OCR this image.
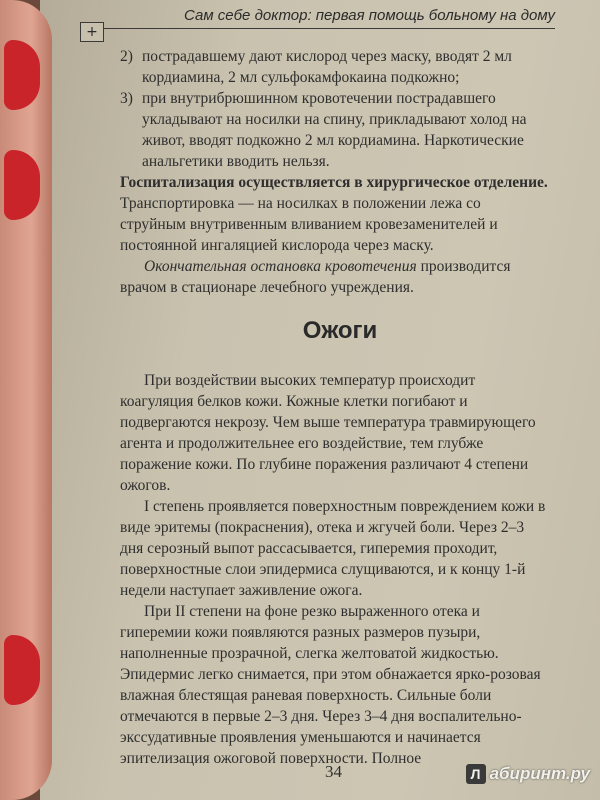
Сам себе доктор: первая помощь больному на дому
+
2) пострадавшему дают кислород через маску, вводят 2 мл кордиамина, 2 мл сульфокамфокаина подкожно;
3) при внутрибрюшинном кровотечении пострадавшего укладывают на носилки на спину, прикладывают холод на живот, вводят подкожно 2 мл кордиамина. Наркотические анальгетики вводить нельзя.

Госпитализация осуществляется в хирургическое отделение. Транспортировка — на носилках в положении лежа со струйным внутривенным вливанием кровезаменителей и постоянной ингаляцией кислорода через маску.

Окончательная остановка кровотечения производится врачом в стационаре лечебного учреждения.

Ожоги

При воздействии высоких температур происходит коагуляция белков кожи. Кожные клетки погибают и подвергаются некрозу. Чем выше температура травмирующего агента и продолжительнее его воздействие, тем глубже поражение кожи. По глубине поражения различают 4 степени ожогов.

I степень проявляется поверхностным повреждением кожи в виде эритемы (покраснения), отека и жгучей боли. Через 2–3 дня серозный выпот рассасывается, гиперемия проходит, поверхностные слои эпидермиса слущиваются, и к концу 1-й недели наступает заживление ожога.

При II степени на фоне резко выраженного отека и гиперемии кожи появляются разных размеров пузыри, наполненные прозрачной, слегка желтоватой жидкостью. Эпидермис легко снимается, при этом обнажается ярко-розовая влажная блестящая раневая поверхность. Сильные боли отмечаются в первые 2–3 дня. Через 3–4 дня воспалительно-экссудативные проявления уменьшаются и начинается эпителизация ожоговой поверхности. Полное

34	Л абиринт.ру
